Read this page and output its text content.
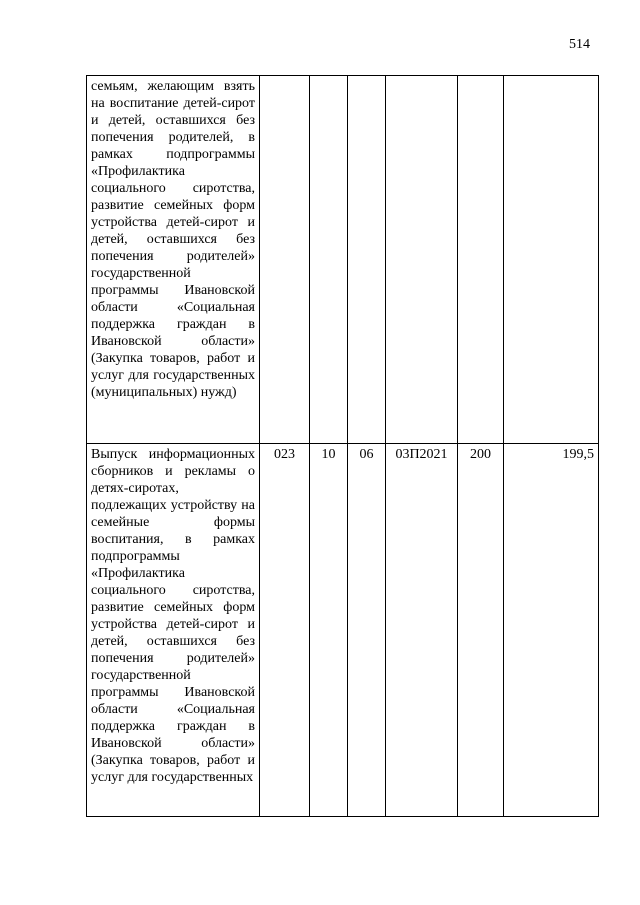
514
семьям, желающим взять на воспитание детей-сирот и детей, оставшихся без попечения родителей, в рамках подпрограммы «Профилактика социального сиротства, развитие семейных форм устройства детей-сирот и детей, оставшихся без попечения родителей» государственной программы Ивановской области «Социальная поддержка граждан в Ивановской области» (Закупка товаров, работ и услуг для государственных (муниципальных) нужд)						
Выпуск информационных сборников и рекламы о детях-сиротах, подлежащих устройству на семейные формы воспитания, в рамках подпрограммы «Профилактика социального сиротства, развитие семейных форм устройства детей-сирот и детей, оставшихся без попечения родителей» государственной программы Ивановской области «Социальная поддержка граждан в Ивановской области» (Закупка товаров, работ и услуг для государственных	023	10	06	03П2021	200	199,5
